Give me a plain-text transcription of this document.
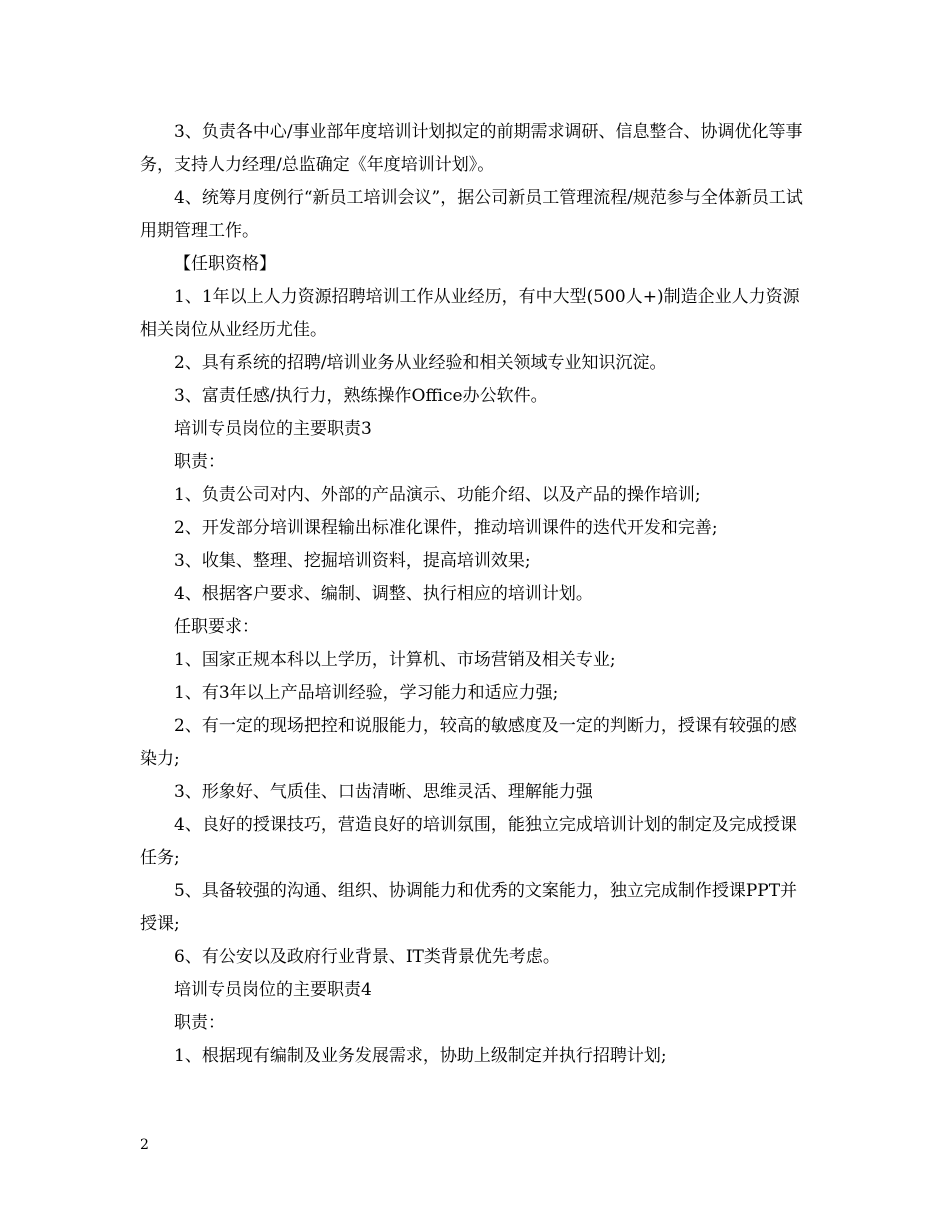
3、负责各中心/事业部年度培训计划拟定的前期需求调研、信息整合、协调优化等事务，支持人力经理/总监确定《年度培训计划》。

4、统筹月度例行“新员工培训会议”，据公司新员工管理流程/规范参与全体新员工试用期管理工作。

【任职资格】

1、1年以上人力资源招聘培训工作从业经历，有中大型(500人+)制造企业人力资源相关岗位从业经历尤佳。

2、具有系统的招聘/培训业务从业经验和相关领域专业知识沉淀。

3、富责任感/执行力，熟练操作Office办公软件。

培训专员岗位的主要职责3

职责：

1、负责公司对内、外部的产品演示、功能介绍、以及产品的操作培训;

2、开发部分培训课程输出标准化课件，推动培训课件的迭代开发和完善;

3、收集、整理、挖掘培训资料，提高培训效果;

4、根据客户要求、编制、调整、执行相应的培训计划。

任职要求：

1、国家正规本科以上学历，计算机、市场营销及相关专业;

1、有3年以上产品培训经验，学习能力和适应力强;

2、有一定的现场把控和说服能力，较高的敏感度及一定的判断力，授课有较强的感染力;

3、形象好、气质佳、口齿清晰、思维灵活、理解能力强

4、良好的授课技巧，营造良好的培训氛围，能独立完成培训计划的制定及完成授课任务;

5、具备较强的沟通、组织、协调能力和优秀的文案能力，独立完成制作授课PPT并授课;

6、有公安以及政府行业背景、IT类背景优先考虑。

培训专员岗位的主要职责4

职责：

1、根据现有编制及业务发展需求，协助上级制定并执行招聘计划;

2
